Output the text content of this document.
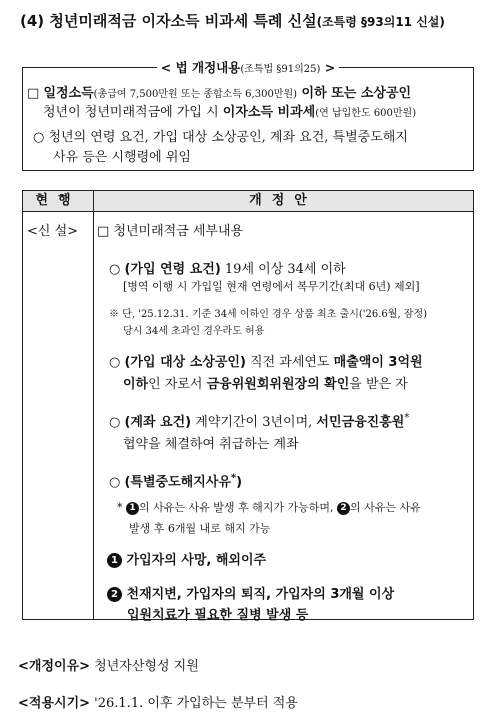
(4) 청년미래적금 이자소득 비과세 특례 신설(조특령 §93의11 신설)
< 법 개정내용(조특법 §91의25) >
□ 일정소득(총급여 7,500만원 또는 종합소득 6,300만원) 이하 또는 소상공인
청년이 청년미래적금에 가입 시 이자소득 비과세(연 납입한도 600만원)
○ 청년의 연령 요건, 가입 대상 소상공인, 계좌 요건, 특별중도해지
사유 등은 시행령에 위임
현행	개정안
<신 설> □ 청년미래적금 세부내용
○ (가입 연령 요건) 19세 이상 34세 이하
[병역 이행 시 가입일 현재 연령에서 복무기간(최대 6년) 제외]
※ 단, '25.12.31. 기준 34세 이하인 경우 상품 최초 출시('26.6월, 잠정)
당시 34세 초과인 경우라도 허용
○ (가입 대상 소상공인) 직전 과세연도 매출액이 3억원
이하인 자로서 금융위원회위원장의 확인을 받은 자
○ (계좌 요건) 계약기간이 3년이며, 서민금융진흥원*
협약을 체결하여 취급하는 계좌
○ (특별중도해지사유*)
* 1 의 사유는 사유 발생 후 해지가 가능하며, 2 의 사유는 사유
발생 후 6개월 내로 해지 가능
1 가입자의 사망, 해외이주
2 천재지변, 가입자의 퇴직, 가입자의 3개월 이상
입원치료가 필요한 질병 발생 등
<개정이유> 청년자산형성 지원
<적용시기> '26.1.1. 이후 가입하는 분부터 적용
